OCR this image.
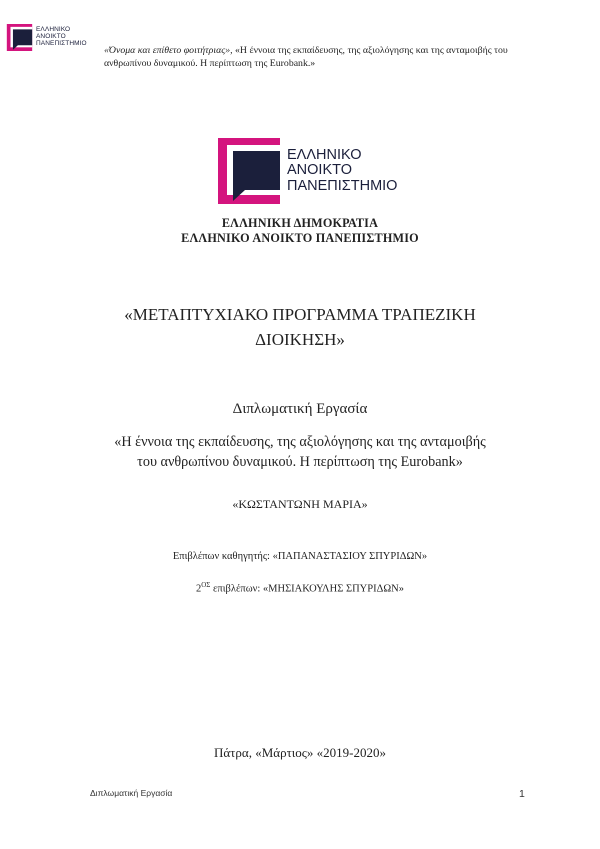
ΕΛΛΗΝΙΚΟ
ΑΝΟΙΚΤΟ
ΠΑΝΕΠΙΣΤΗΜΙΟ
«Όνομα και επίθετο φοιτήτριας», «Η έννοια της εκπαίδευσης, της αξιολόγησης και της ανταμοιβής του ανθρωπίνου δυναμικού. Η περίπτωση της Eurobank.»
ΕΛΛΗΝΙΚΟ
ΑΝΟΙΚΤΟ
ΠΑΝΕΠΙΣΤΗΜΙΟ
ΕΛΛΗΝΙΚΗ ΔΗΜΟΚΡΑΤΙΑ
ΕΛΛΗΝΙΚΟ ΑΝΟΙΚΤΟ ΠΑΝΕΠΙΣΤΗΜΙΟ
«ΜΕΤΑΠΤΥΧΙΑΚΟ ΠΡΟΓΡΑΜΜΑ ΤΡΑΠΕΖΙΚΗ
ΔΙΟΙΚΗΣΗ»
Διπλωματική Εργασία
«Η έννοια της εκπαίδευσης, της αξιολόγησης και της ανταμοιβής
του ανθρωπίνου δυναμικού. Η περίπτωση της Eurobank»
«ΚΩΣΤΑΝΤΩΝΗ ΜΑΡΙΑ»
Επιβλέπων καθηγητής: «ΠΑΠΑΝΑΣΤΑΣΙΟΥ ΣΠΥΡΙΔΩΝ»
$2^{O\Sigma}$ επιβλέπων: «ΜΗΣΙΑΚΟΥΛΗΣ ΣΠΥΡΙΔΩΝ»
Πάτρα, «Μάρτιος» «2019-2020»
Διπλωματική Εργασία	1
